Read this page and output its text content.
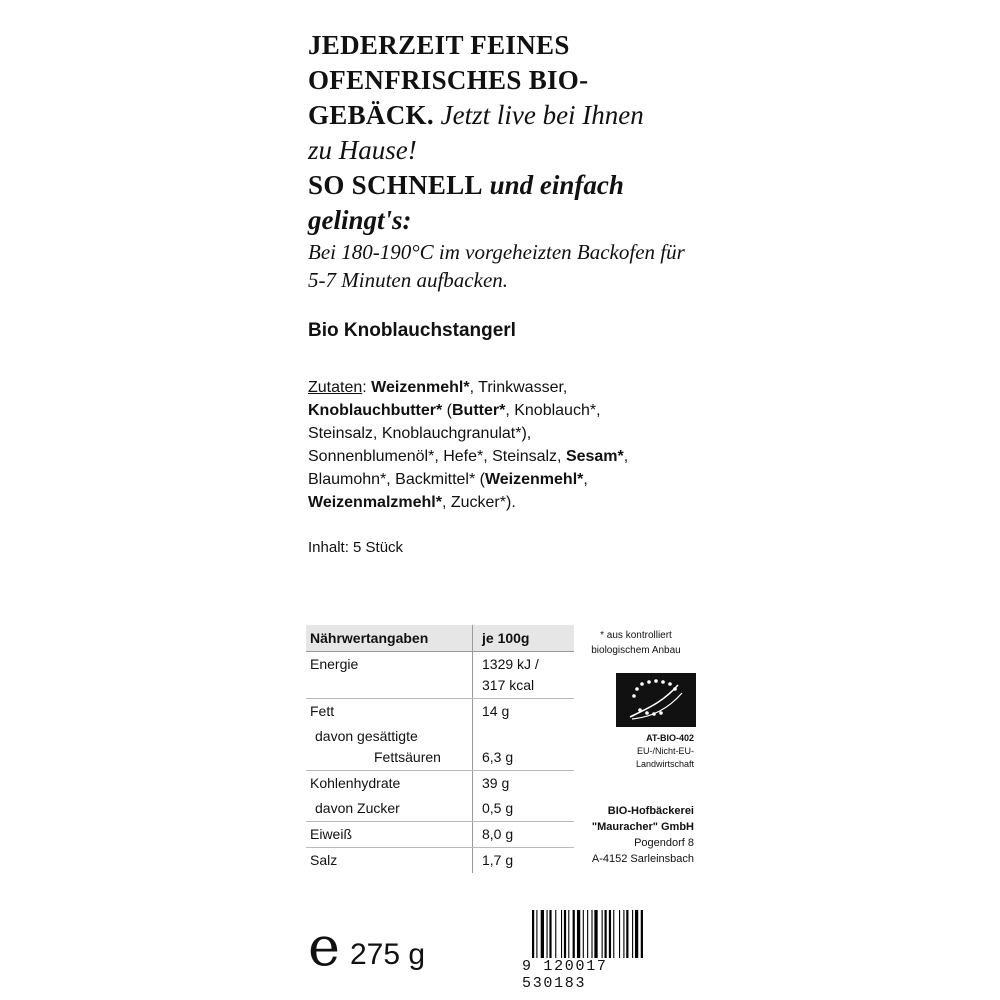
JEDERZEIT FEINES
OFENFRISCHES BIO-
GEBÄCK. Jetzt live bei Ihnen
zu Hause!
SO SCHNELL und einfach
gelingt's:
Bei 180-190°C im vorgeheizten Backofen für
5-7 Minuten aufbacken.
Bio Knoblauchstangerl
Zutaten: Weizenmehl*, Trinkwasser,
Knoblauchbutter* (Butter*, Knoblauch*,
Steinsalz, Knoblauchgranulat*),
Sonnenblumenöl*, Hefe*, Steinsalz, Sesam*,
Blaumohn*, Backmittel* (Weizenmehl*,
Weizenmalzmehl*, Zucker*).
Inhalt: 5 Stück
Nährwertangaben	je 100g
Energie	1329 kJ /
317 kcal

Fett	14 g

davon gesättigte
Fettsäuren	6,3 g

Kohlenhydrate	39 g
davon Zucker	0,5 g
Eiweiß	8,0 g
Salz	1,7 g
* aus kontrolliert
biologischem Anbau
AT-BIO-402
EU-/Nicht-EU-
Landwirtschaft
BIO-Hofbäckerei
"Mauracher" GmbH
Pogendorf 8
A-4152 Sarleinsbach
e 275 g	9 120017 530183
